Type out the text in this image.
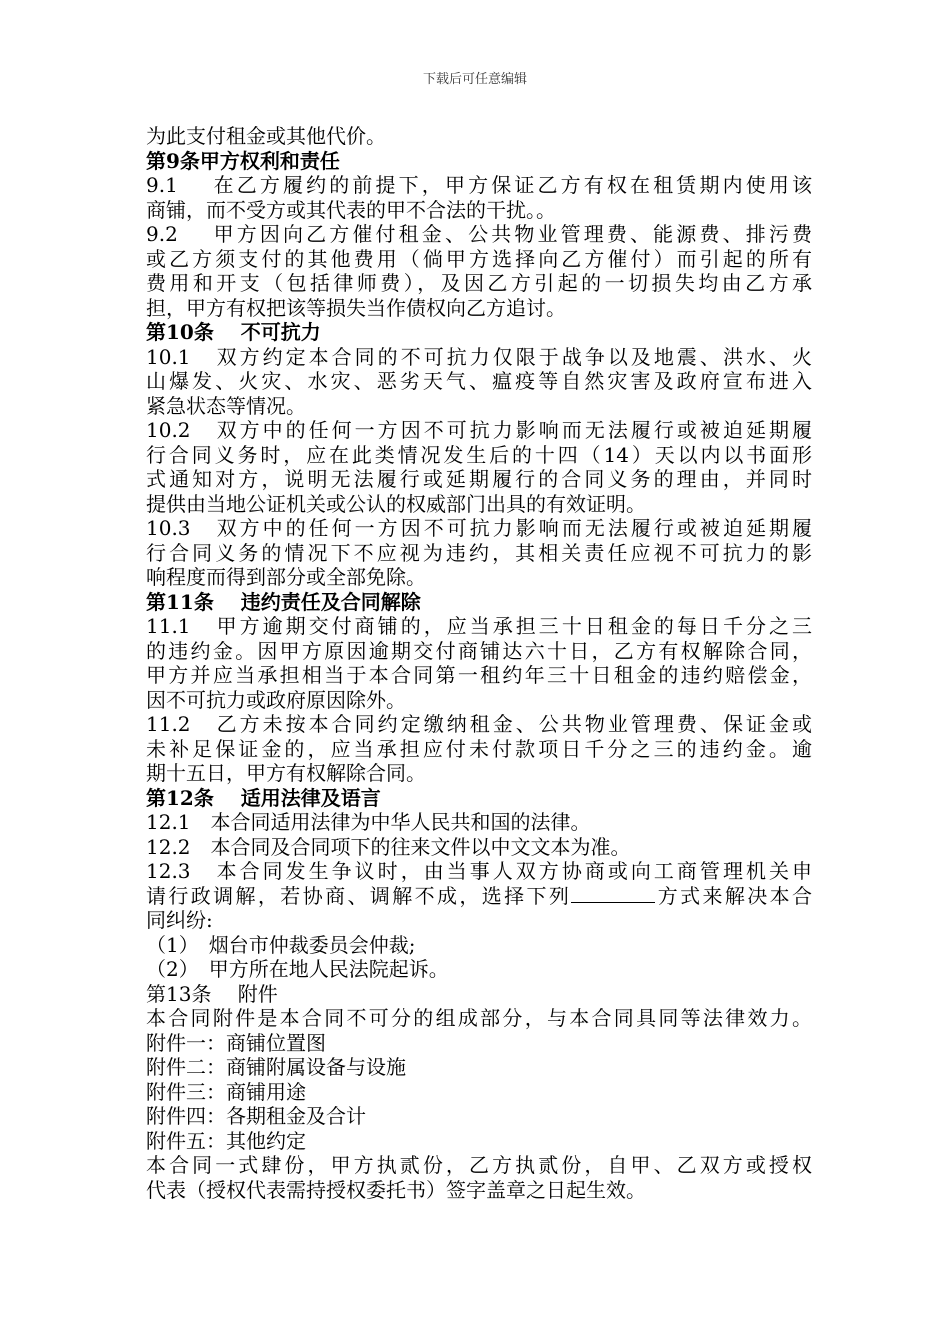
下载后可任意编辑
为此支付租金或其他代价。
第9条甲方权利和责任
9.1　 在乙方履约的前提下，甲方保证乙方有权在租赁期内使用该
商铺，而不受方或其代表的甲不合法的干扰。。
9.2　 甲方因向乙方催付租金、公共物业管理费、能源费、排污费
或乙方须支付的其他费用（倘甲方选择向乙方催付）而引起的所有
费用和开支（包括律师费），及因乙方引起的一切损失均由乙方承
担，甲方有权把该等损失当作债权向乙方追讨。
第10条　 不可抗力
10.1　双方约定本合同的不可抗力仅限于战争以及地震、洪水、火
山爆发、火灾、水灾、恶劣天气、瘟疫等自然灾害及政府宣布进入
紧急状态等情况。
10.2　双方中的任何一方因不可抗力影响而无法履行或被迫延期履
行合同义务时，应在此类情况发生后的十四（14）天以内以书面形
式通知对方，说明无法履行或延期履行的合同义务的理由，并同时
提供由当地公证机关或公认的权威部门出具的有效证明。
10.3　双方中的任何一方因不可抗力影响而无法履行或被迫延期履
行合同义务的情况下不应视为违约，其相关责任应视不可抗力的影
响程度而得到部分或全部免除。
第11条　 违约责任及合同解除
11.1　甲方逾期交付商铺的，应当承担三十日租金的每日千分之三
的违约金。因甲方原因逾期交付商铺达六十日，乙方有权解除合同，
甲方并应当承担相当于本合同第一租约年三十日租金的违约赔偿金，
因不可抗力或政府原因除外。
11.2　乙方未按本合同约定缴纳租金、公共物业管理费、保证金或
未补足保证金的，应当承担应付未付款项日千分之三的违约金。逾
期十五日，甲方有权解除合同。
第12条　 适用法律及语言
12.1　本合同适用法律为中华人民共和国的法律。
12.2　本合同及合同项下的往来文件以中文文本为准。
12.3　本合同发生争议时，由当事人双方协商或向工商管理机关申
请行政调解，若协商、调解不成，选择下列	方式来解决本合
同纠纷:
（1）　烟台市仲裁委员会仲裁;
（2）　甲方所在地人民法院起诉。
第13条　 附件
本合同附件是本合同不可分的组成部分，与本合同具同等法律效力。
附件一：商铺位置图
附件二：商铺附属设备与设施
附件三：商铺用途
附件四：各期租金及合计
附件五：其他约定
本合同一式肆份，甲方执贰份，乙方执贰份，自甲、乙双方或授权
代表（授权代表需持授权委托书）签字盖章之日起生效。
